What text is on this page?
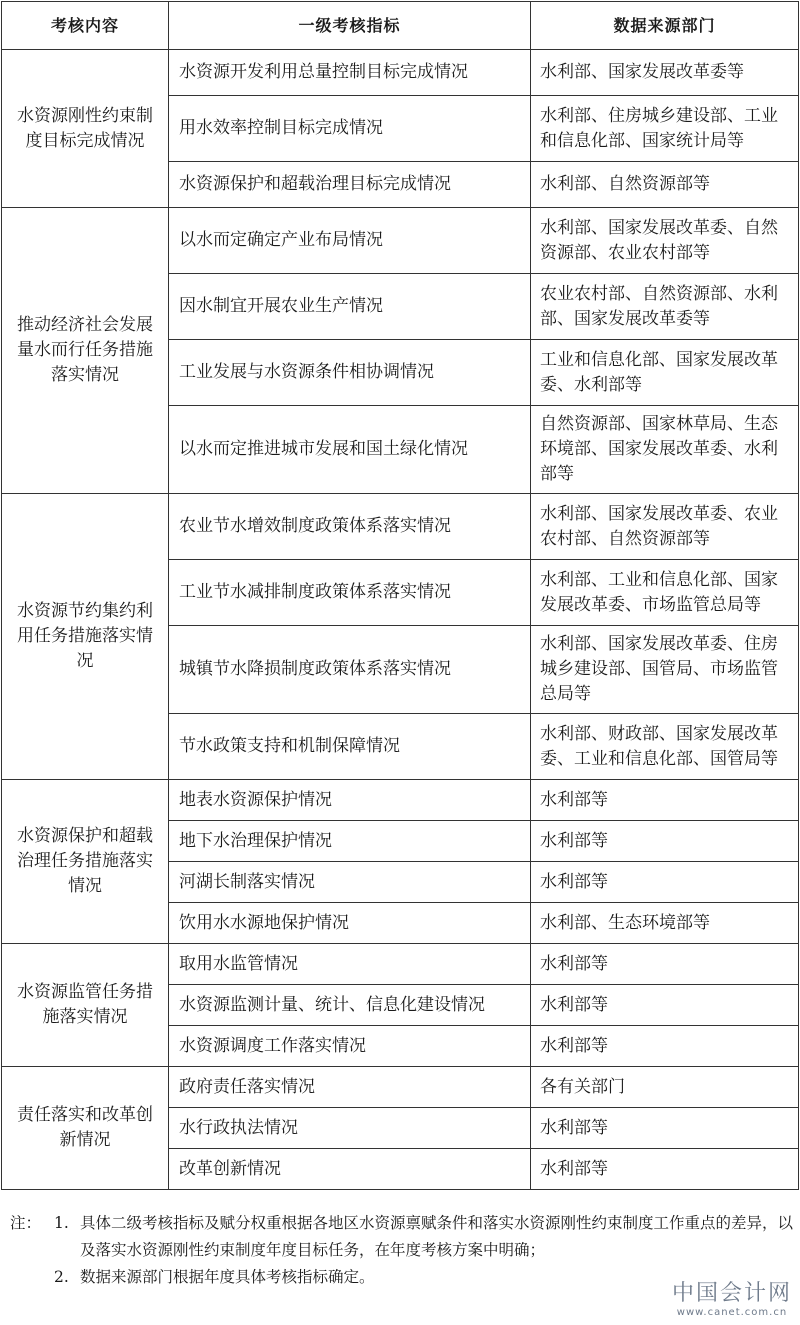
考核内容	一级考核指标	数据来源部门
水资源刚性约束制度目标完成情况	水资源开发利用总量控制目标完成情况	水利部、国家发展改革委等
	用水效率控制目标完成情况	水利部、住房城乡建设部、工业和信息化部、国家统计局等
	水资源保护和超载治理目标完成情况	水利部、自然资源部等
推动经济社会发展量水而行任务措施落实情况	以水而定确定产业布局情况	水利部、国家发展改革委、自然资源部、农业农村部等
	因水制宜开展农业生产情况	农业农村部、自然资源部、水利部、国家发展改革委等
	工业发展与水资源条件相协调情况	工业和信息化部、国家发展改革委、水利部等
	以水而定推进城市发展和国土绿化情况	自然资源部、国家林草局、生态环境部、国家发展改革委、水利部等
水资源节约集约利用任务措施落实情况	农业节水增效制度政策体系落实情况	水利部、国家发展改革委、农业农村部、自然资源部等
	工业节水减排制度政策体系落实情况	水利部、工业和信息化部、国家发展改革委、市场监管总局等
	城镇节水降损制度政策体系落实情况	水利部、国家发展改革委、住房城乡建设部、国管局、市场监管总局等
	节水政策支持和机制保障情况	水利部、财政部、国家发展改革委、工业和信息化部、国管局等
水资源保护和超载治理任务措施落实情况	地表水资源保护情况	水利部等
	地下水治理保护情况	水利部等
	河湖长制落实情况	水利部等
	饮用水水源地保护情况	水利部、生态环境部等
水资源监管任务措施落实情况	取用水监管情况	水利部等
	水资源监测计量、统计、信息化建设情况	水利部等
	水资源调度工作落实情况	水利部等
责任落实和改革创新情况	政府责任落实情况	各有关部门
	水行政执法情况	水利部等
	改革创新情况	水利部等
注： 1. 具体二级考核指标及赋分权重根据各地区水资源禀赋条件和落实水资源刚性约束制度工作重点的差异，以及落实水资源刚性约束制度年度目标任务，在年度考核方案中明确；
2. 数据来源部门根据年度具体考核指标确定。
中国会计网
www.canet.com.cn
